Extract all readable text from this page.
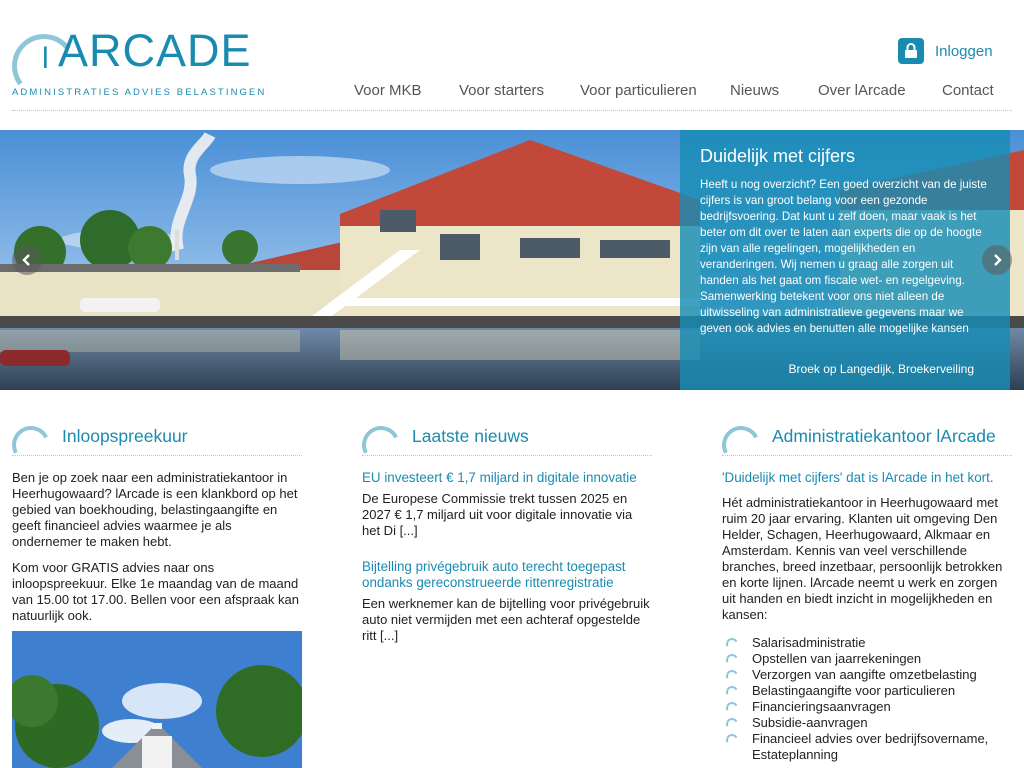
l ARCADE
ADMINISTRATIES ADVIES BELASTINGEN
Inloggen
Voor MKB Voor starters Voor particulieren Nieuws	Over lArcade Contact
Duidelijk met cijfers
Heeft u nog overzicht? Een goed overzicht van de juiste cijfers is van groot belang voor een gezonde bedrijfsvoering. Dat kunt u zelf doen, maar vaak is het beter om dit over te laten aan experts die op de hoogte zijn van alle regelingen, mogelijkheden en veranderingen. Wij nemen u graag alle zorgen uit handen als het gaat om fiscale wet- en regelgeving. Samenwerking betekent voor ons niet alleen de uitwisseling van administratieve gegevens maar we geven ook advies en benutten alle mogelijke kansen
Broek op Langedijk, Broekerveiling
Inloopspreekuur

Ben je op zoek naar een administratiekantoor in Heerhugowaard? lArcade is een klankbord op het gebied van boekhouding, belastingaangifte en geeft financieel advies waarmee je als ondernemer te maken hebt.

Kom voor GRATIS advies naar ons inloopspreekuur. Elke 1e maandag van de maand van 15.00 tot 17.00. Bellen voor een afspraak kan natuurlijk ook.

Laatste nieuws
EU investeert € 1,7 miljard in digitale innovatie
De Europese Commissie trekt tussen 2025 en 2027 € 1,7 miljard uit voor digitale innovatie via het Di [...]
Bijtelling privégebruik auto terecht toegepast ondanks gereconstrueerde rittenregistratie
Een werknemer kan de bijtelling voor privégebruik auto niet vermijden met een achteraf opgestelde ritt [...]
Administratiekantoor lArcade
'Duidelijk met cijfers' dat is lArcade in het kort.

Hét administratiekantoor in Heerhugowaard met ruim 20 jaar ervaring. Klanten uit omgeving Den Helder, Schagen, Heerhugowaard, Alkmaar en Amsterdam. Kennis van veel verschillende branches, breed inzetbaar, persoonlijk betrokken en korte lijnen. lArcade neemt u werk en zorgen uit handen en biedt inzicht in mogelijkheden en kansen:

Salarisadministratie
Opstellen van jaarrekeningen
Verzorgen van aangifte omzetbelasting
Belastingaangifte voor particulieren
Financieringsaanvragen
Subsidie-aanvragen
Financieel advies over bedrijfsovername, Estateplanning
